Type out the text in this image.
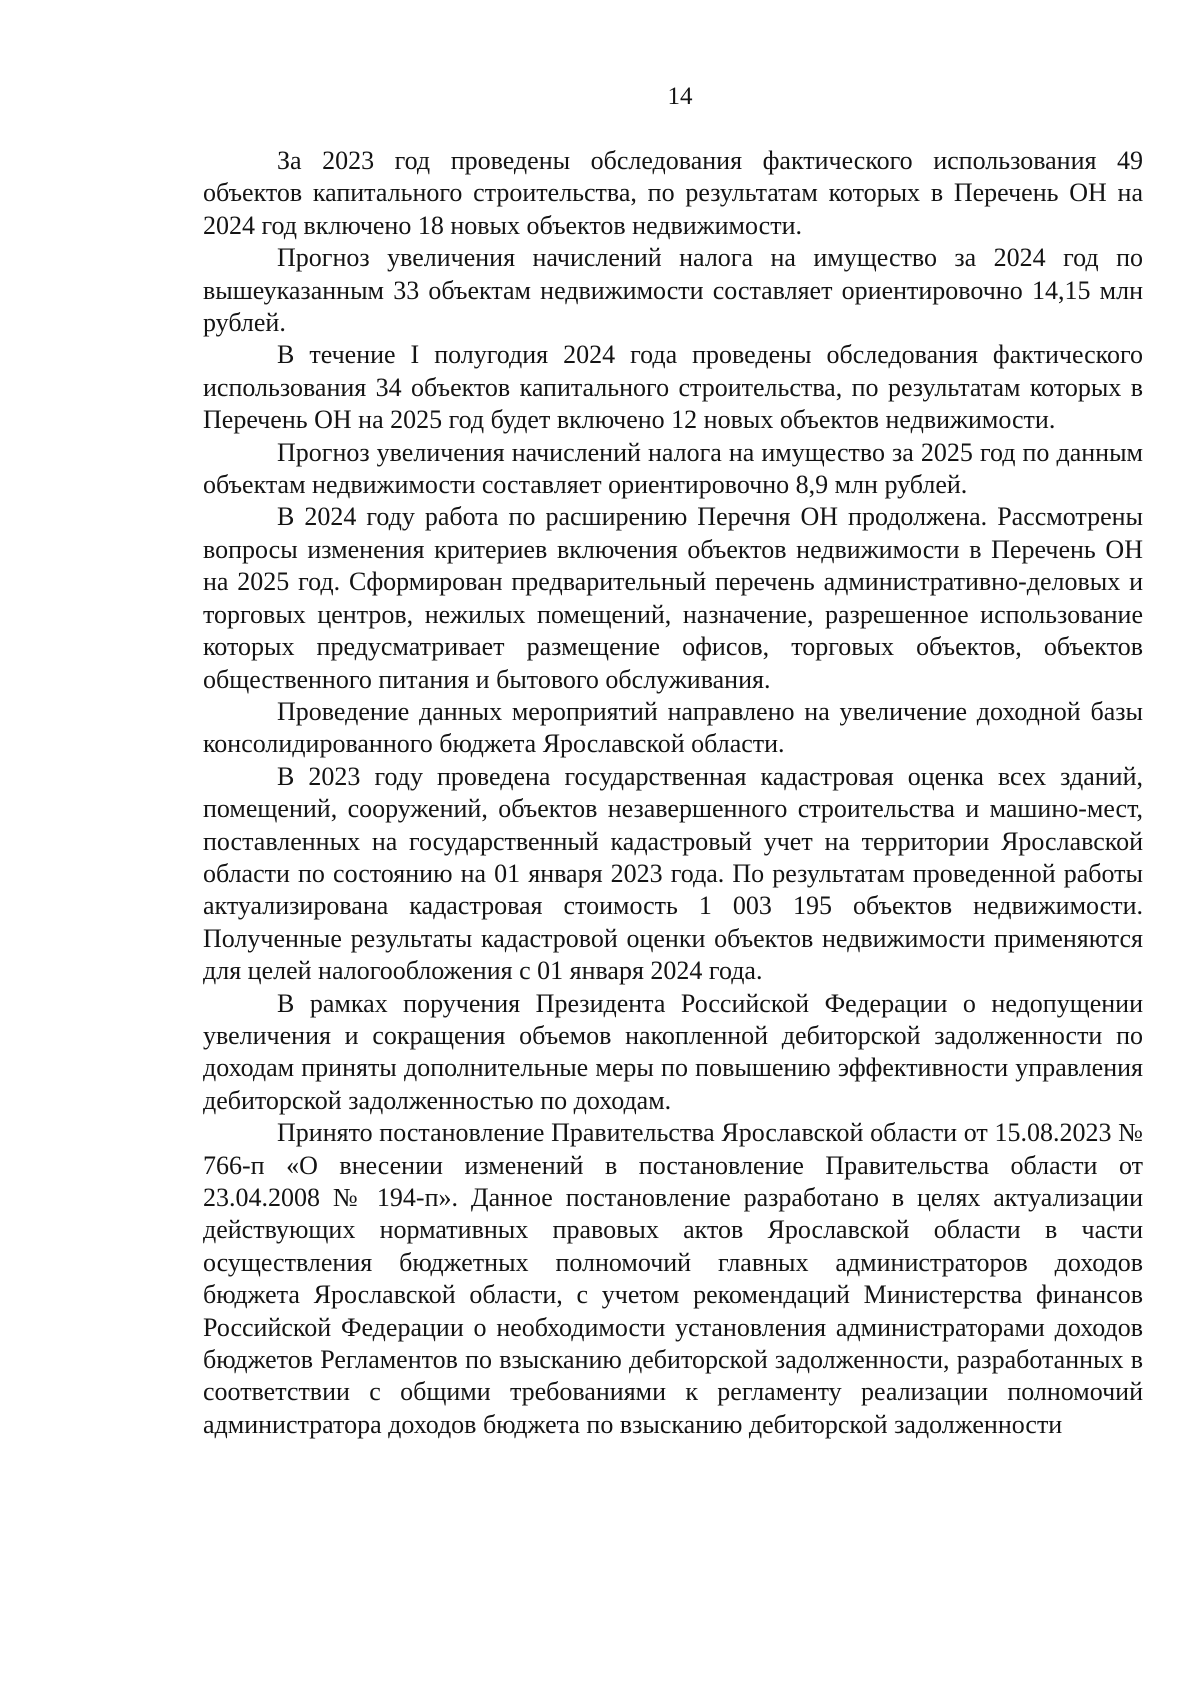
14

За 2023 год проведены обследования фактического использования 49 объектов капитального строительства, по результатам которых в Перечень ОН на 2024 год включено 18 новых объектов недвижимости.

Прогноз увеличения начислений налога на имущество за 2024 год по вышеуказанным 33 объектам недвижимости составляет ориентировочно 14,15 млн рублей.

В течение I полугодия 2024 года проведены обследования фактического использования 34 объектов капитального строительства, по результатам которых в Перечень ОН на 2025 год будет включено 12 новых объектов недвижимости.

Прогноз увеличения начислений налога на имущество за 2025 год по данным объектам недвижимости составляет ориентировочно 8,9 млн рублей.

В 2024 году работа по расширению Перечня ОН продолжена. Рассмотрены вопросы изменения критериев включения объектов недвижимости в Перечень ОН на 2025 год. Сформирован предварительный перечень административно-деловых и торговых центров, нежилых помещений, назначение, разрешенное использование которых предусматривает размещение офисов, торговых объектов, объектов общественного питания и бытового обслуживания.

Проведение данных мероприятий направлено на увеличение доходной базы консолидированного бюджета Ярославской области.

В 2023 году проведена государственная кадастровая оценка всех зданий, помещений, сооружений, объектов незавершенного строительства и машино-мест, поставленных на государственный кадастровый учет на территории Ярославской области по состоянию на 01 января 2023 года. По результатам проведенной работы актуализирована кадастровая стоимость 1 003 195 объектов недвижимости. Полученные результаты кадастровой оценки объектов недвижимости применяются для целей налогообложения с 01 января 2024 года.

В рамках поручения Президента Российской Федерации о недопущении увеличения и сокращения объемов накопленной дебиторской задолженности по доходам приняты дополнительные меры по повышению эффективности управления дебиторской задолженностью по доходам.

Принято постановление Правительства Ярославской области от 15.08.2023 № 766-п «О внесении изменений в постановление Правительства области от 23.04.2008 № 194-п». Данное постановление разработано в целях актуализации действующих нормативных правовых актов Ярославской области в части осуществления бюджетных полномочий главных администраторов доходов бюджета Ярославской области, с учетом рекомендаций Министерства финансов Российской Федерации о необходимости установления администраторами доходов бюджетов Регламентов по взысканию дебиторской задолженности, разработанных в соответствии с общими требованиями к регламенту реализации полномочий администратора доходов бюджета по взысканию дебиторской задолженности
